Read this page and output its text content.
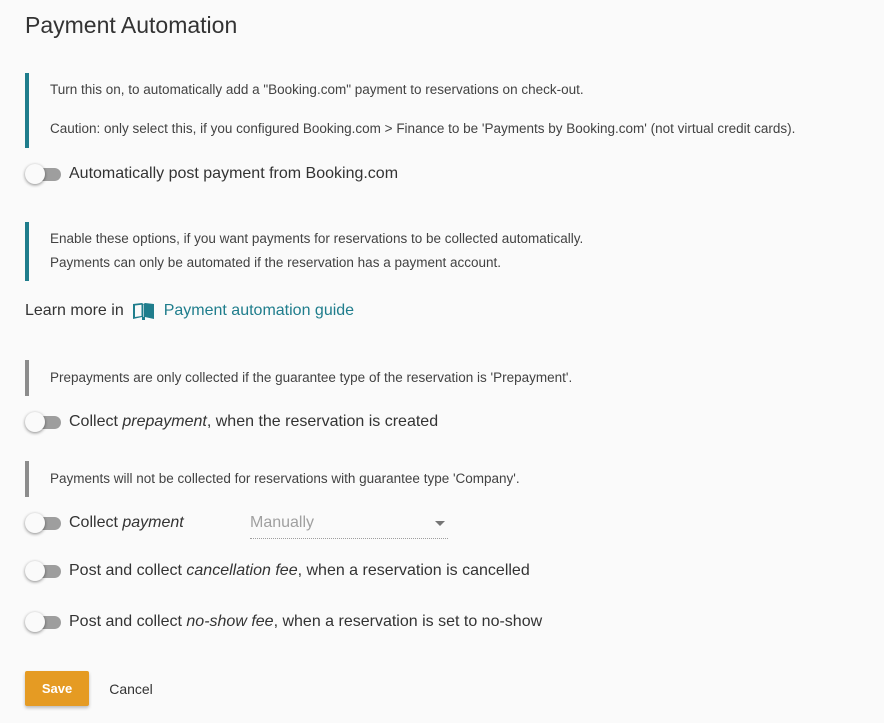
Payment Automation

Turn this on, to automatically add a "Booking.com" payment to reservations on check-out.

Caution: only select this, if you configured Booking.com > Finance to be 'Payments by Booking.com' (not virtual credit cards).

Automatically post payment from Booking.com

Enable these options, if you want payments for reservations to be collected automatically.

Payments can only be automated if the reservation has a payment account.

Learn more in	Payment automation guide

Prepayments are only collected if the guarantee type of the reservation is 'Prepayment'.

Collect prepayment, when the reservation is created

Payments will not be collected for reservations with guarantee type 'Company'.

Collect payment	Manually
Post and collect cancellation fee, when a reservation is cancelled
Post and collect no-show fee, when a reservation is set to no-show
Save	Cancel
